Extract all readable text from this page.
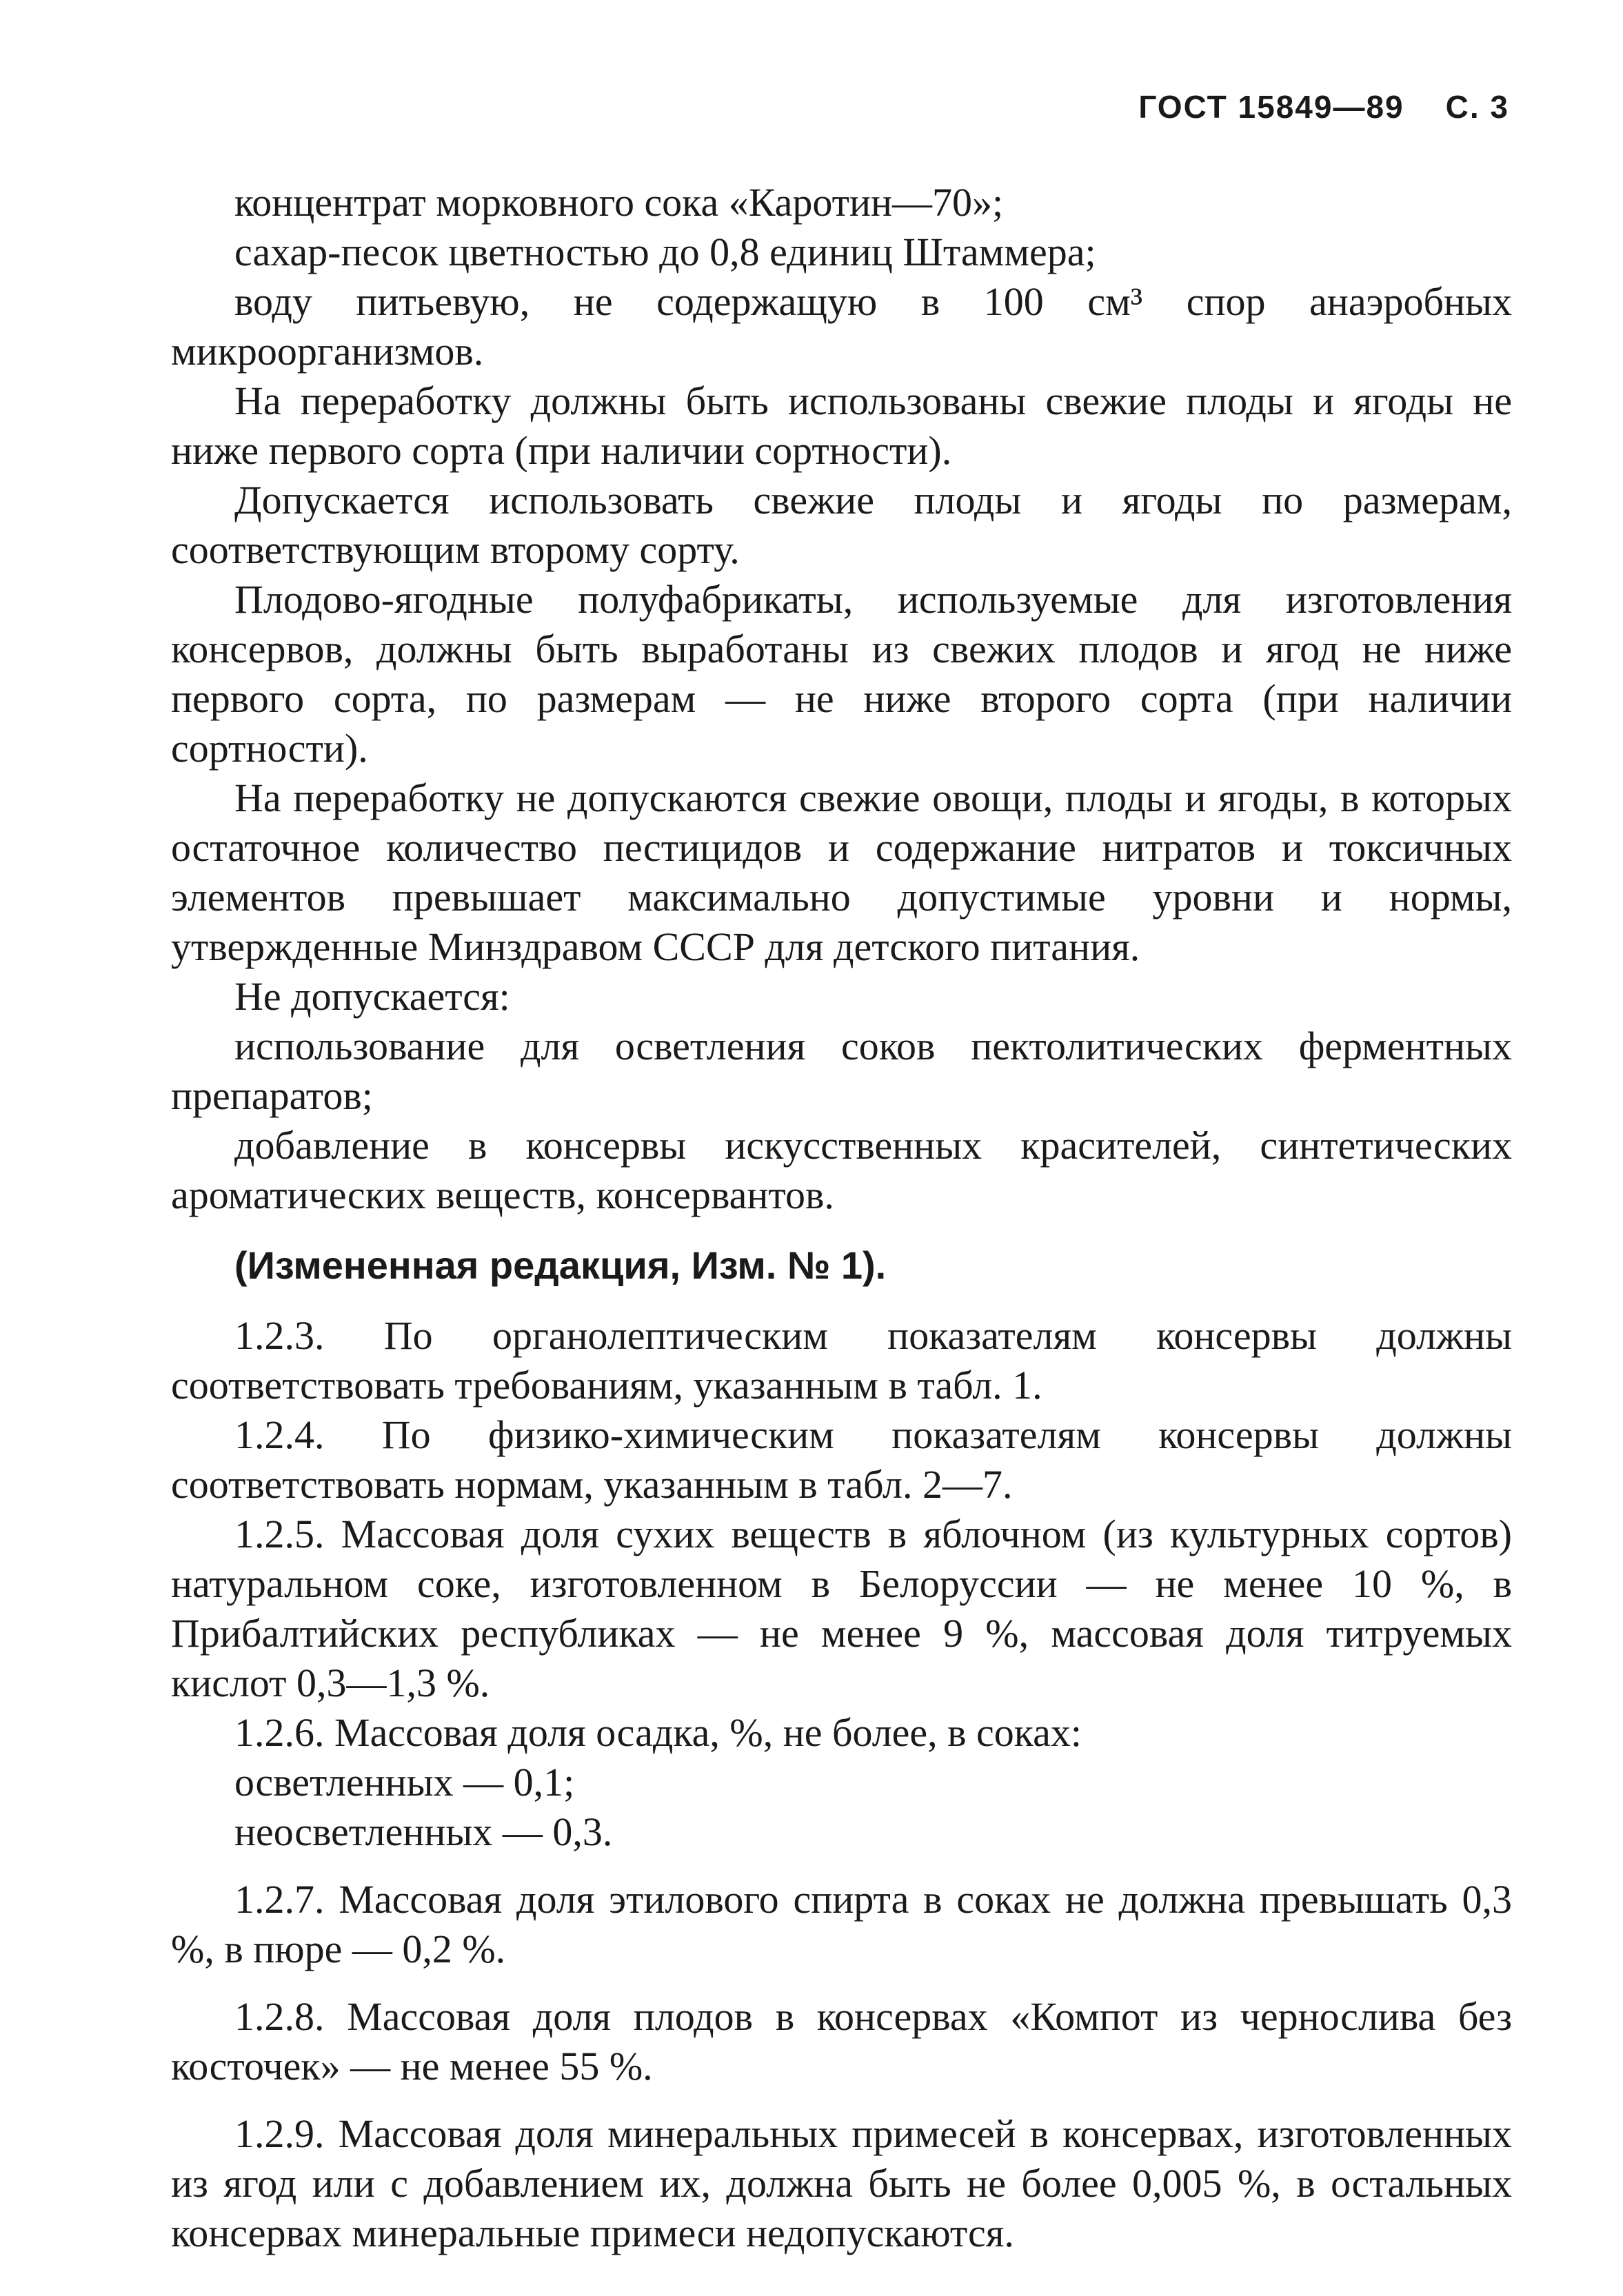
ГОСТ 15849—89 С. 3

концентрат морковного сока «Каротин—70»;

сахар-песок цветностью до 0,8 единиц Штаммера;

воду питьевую, не содержащую в 100 см³ спор анаэробных микроорганизмов.

На переработку должны быть использованы свежие плоды и ягоды не ниже первого сорта (при наличии сортности).

Допускается использовать свежие плоды и ягоды по размерам, соответствующим второму сорту.

Плодово-ягодные полуфабрикаты, используемые для изготовления консервов, должны быть выработаны из свежих плодов и ягод не ниже первого сорта, по размерам — не ниже второго сорта (при наличии сортности).

На переработку не допускаются свежие овощи, плоды и ягоды, в которых остаточное количество пестицидов и содержание нитратов и токсичных элементов превышает максимально допустимые уровни и нормы, утвержденные Минздравом СССР для детского питания.

Не допускается:

использование для осветления соков пектолитических ферментных препаратов;

добавление в консервы искусственных красителей, синтетических ароматических веществ, консервантов.

(Измененная редакция, Изм. № 1).

1.2.3. По органолептическим показателям консервы должны соответствовать требованиям, указанным в табл. 1.

1.2.4. По физико-химическим показателям консервы должны соответствовать нормам, указанным в табл. 2—7.

1.2.5. Массовая доля сухих веществ в яблочном (из культурных сортов) натуральном соке, изготовленном в Белоруссии — не менее 10 %, в Прибалтийских республиках — не менее 9 %, массовая доля титруемых кислот 0,3—1,3 %.

1.2.6. Массовая доля осадка, %, не более, в соках:

осветленных — 0,1;

неосветленных — 0,3.

1.2.7. Массовая доля этилового спирта в соках не должна превышать 0,3 %, в пюре — 0,2 %.

1.2.8. Массовая доля плодов в консервах «Компот из чернослива без косточек» — не менее 55 %.

1.2.9. Массовая доля минеральных примесей в консервах, изготовленных из ягод или с добавлением их, должна быть не более 0,005 %, в остальных консервах минеральные примеси недопускаются.
